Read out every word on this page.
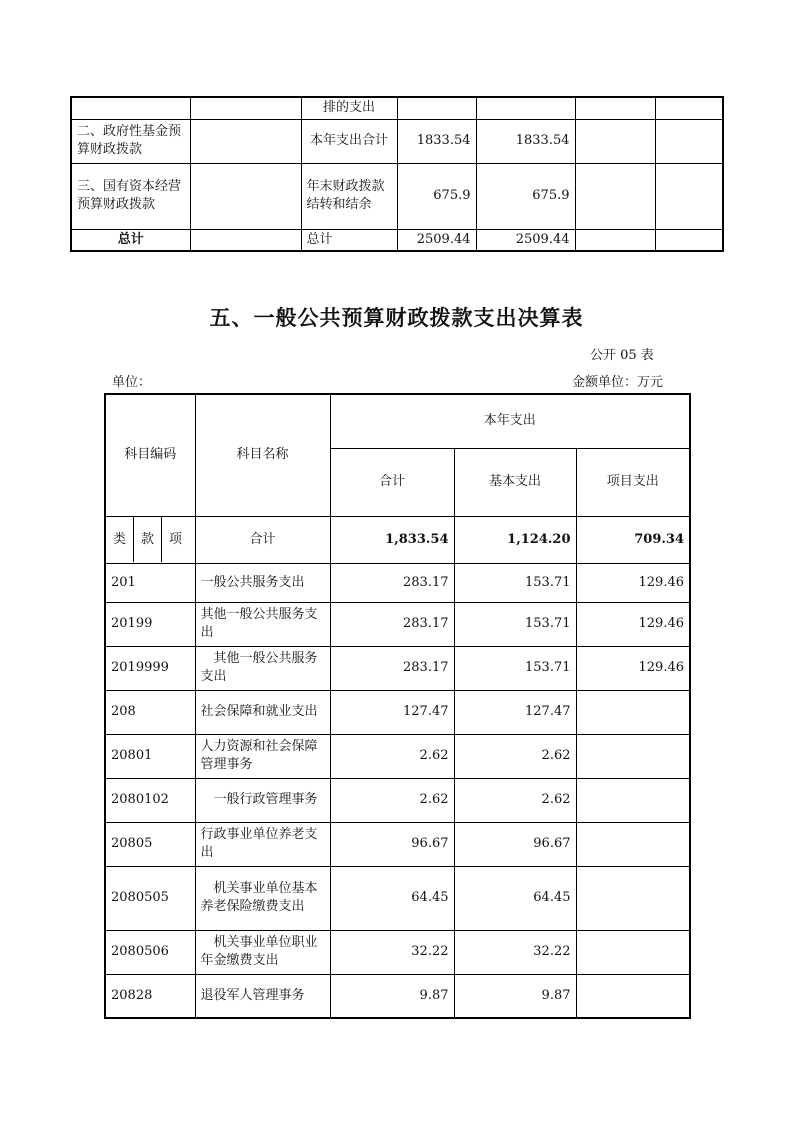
		排的支出				
二、政府性基金预算财政拨款		本年支出合计	1833.54	1833.54		
三、国有资本经营预算财政拨款		年末财政拨款结转和结余	675.9	675.9		
总计		总计	2509.44	2509.44		
五、一般公共预算财政拨款支出决算表
公开 05 表
单位：	金额单位：万元
科目编码	科目名称	本年支出		
		合计	基本支出	项目支出
类 款 项	合计	1,833.54	1,124.20	709.34
201	一般公共服务支出	283.17	153.71	129.46
20199	其他一般公共服务支出	283.17	153.71	129.46
2019999	　其他一般公共服务支出	283.17	153.71	129.46
208	社会保障和就业支出	127.47	127.47	
20801	人力资源和社会保障管理事务	2.62	2.62	
2080102	　一般行政管理事务	2.62	2.62	
20805	行政事业单位养老支出	96.67	96.67	
2080505	　机关事业单位基本养老保险缴费支出	64.45	64.45	
2080506	　机关事业单位职业年金缴费支出	32.22	32.22	
20828	退役军人管理事务	9.87	9.87	
